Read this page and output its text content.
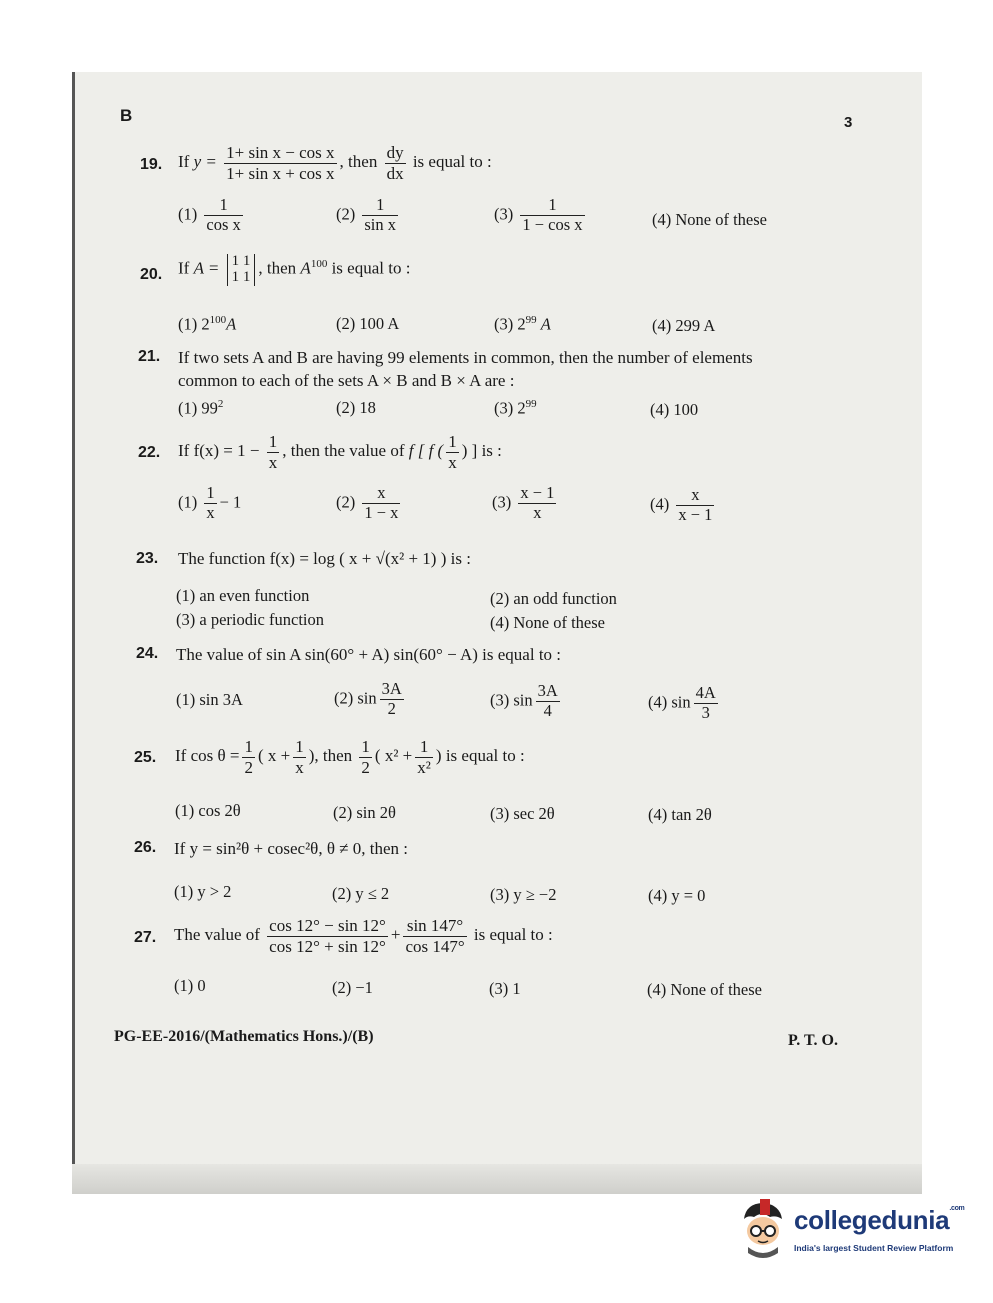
B	3
19. If $y = \frac{\text{1+ sin x − cos x}}{\text{1+ sin x + cos x}}$ , then $\frac{dy}{dx}$ is equal to :
$(1) \frac{1}{\text{cos x}}$	$(2) \frac{1}{\text{sin x}}$	$(3) \frac{1}{\text{1 − cos x}}$	(4) None of these
20. If A = 1 1
1 1 , then $A^{100}$ is equal to :
(1) $2^{100}A$	(2) 100 A	(3) $2^{99}$ A	(4) 299 A
21. If two sets A and B are having 99 elements in common, then the number of elements
common to each of the sets A × B and B × A are :
(1) $99^2$	(2) 18	(3) $2^{99}$	(4) 100
22. If $f(x) = 1 - \frac{1}{x}$ , then the value of f [ f ( $\frac{1}{x}$ ) ] is :
$(1) \frac{1}{x} - 1$	$(2) \frac{x}{1 - x}$	$(3) \frac{x - 1}{x}$	$(4) \frac{x}{x - 1}$
23. The function f(x) = log ( x + √(x² + 1) ) is :
(1) an even function	(2) an odd function
(3) a periodic function	(4) None of these
24. The value of sin A sin(60° + A) sin(60° − A) is equal to :
(1) sin 3A	(2) $\sin \frac{3A}{2}$	(3) $\sin \frac{3A}{4}$	(4) $\sin \frac{4A}{3}$
25. If $\cos \theta = \frac{1}{2}$ ( $x + \frac{1}{x}$ ), then $\frac{1}{2}$ ( $x^2 + \frac{1}{\text{x²}}$ ) is equal to :
(1) cos 2θ	(2) sin 2θ	(3) sec 2θ	(4) tan 2θ
26. If y = sin²θ + cosec²θ, θ ≠ 0, then :
(1) y > 2	(2) y ≤ 2	(3) y ≥ −2	(4) y = 0
27. The value of $\frac{\cos 12^\circ - \sin 12^\circ}{\cos 12^\circ + \sin 12^\circ} + \frac{\sin 147^\circ}{\cos 147^\circ}$ is equal to :
(1) 0	(2) −1	(3) 1	(4) None of these
PG-EE-2016/(Mathematics Hons.)/(B)	P. T. O.
collegedunia$^{.com}$
India's largest Student Review Platform
